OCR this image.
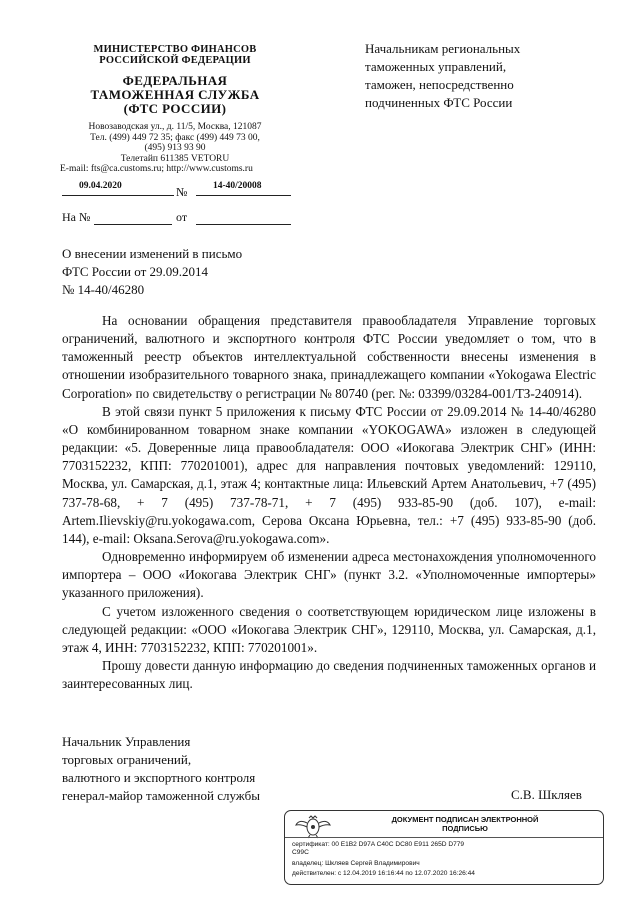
МИНИСТЕРСТВО ФИНАНСОВ
РОССИЙСКОЙ ФЕДЕРАЦИИ
ФЕДЕРАЛЬНАЯ
ТАМОЖЕННАЯ СЛУЖБА
(ФТС РОССИИ)
Новозаводская ул., д. 11/5, Москва, 121087
Тел. (499) 449 72 35; факс (499) 449 73 00,
(495) 913 93 90
Телетайп 611385 VETORU
E-mail: fts@ca.customs.ru; http://www.customs.ru
09.04.2020	№	14-40/20008
На №	от
Начальникам региональных
таможенных управлений,
таможен, непосредственно
подчиненных ФТС России
О внесении изменений в письмо
ФТС России от 29.09.2014
№ 14-40/46280

На основании обращения представителя правообладателя Управление торговых ограничений, валютного и экспортного контроля ФТС России уведомляет о том, что в таможенный реестр объектов интеллектуальной собственности внесены изменения в отношении изобразительного товарного знака, принадлежащего компании «Yokogawa Electric Corporation» по свидетельству о регистрации № 80740 (рег. №: 03399/03284-001/ТЗ-240914).

В этой связи пункт 5 приложения к письму ФТС России от 29.09.2014 № 14-40/46280 «О комбинированном товарном знаке компании «YOKOGAWA» изложен в следующей редакции: «5. Доверенные лица правообладателя: ООО «Иокогава Электрик СНГ» (ИНН: 7703152232, КПП: 770201001), адрес для направления почтовых уведомлений: 129110, Москва, ул. Самарская, д.1, этаж 4; контактные лица: Ильевский Артем Анатольевич, +7 (495) 737-78-68, + 7 (495) 737-78-71, + 7 (495) 933-85-90 (доб. 107), e-mail: Artem.Ilievskiy@ru.yokogawa.com, Серова Оксана Юрьевна, тел.: +7 (495) 933-85-90 (доб. 144), e-mail: Oksana.Serova@ru.yokogawa.com».

Одновременно информируем об изменении адреса местонахождения уполномоченного импортера – ООО «Иокогава Электрик СНГ» (пункт 3.2. «Уполномоченные импортеры» указанного приложения).

С учетом изложенного сведения о соответствующем юридическом лице изложены в следующей редакции: «ООО «Иокогава Электрик СНГ», 129110, Москва, ул. Самарская, д.1, этаж 4, ИНН: 7703152232, КПП: 770201001».

Прошу довести данную информацию до сведения подчиненных таможенных органов и заинтересованных лиц.

Начальник Управления
торговых ограничений,
валютного и экспортного контроля
генерал-майор таможенной службы	С.В. Шкляев
ДОКУМЕНТ ПОДПИСАН ЭЛЕКТРОННОЙ
ПОДПИСЬЮ
сертификат: 00 E1B2 D97A C40C DC80 E911 265D D779
C99C
владелец: Шкляев Сергей Владимирович
действителен: с 12.04.2019 16:16:44 по 12.07.2020 16:26:44
